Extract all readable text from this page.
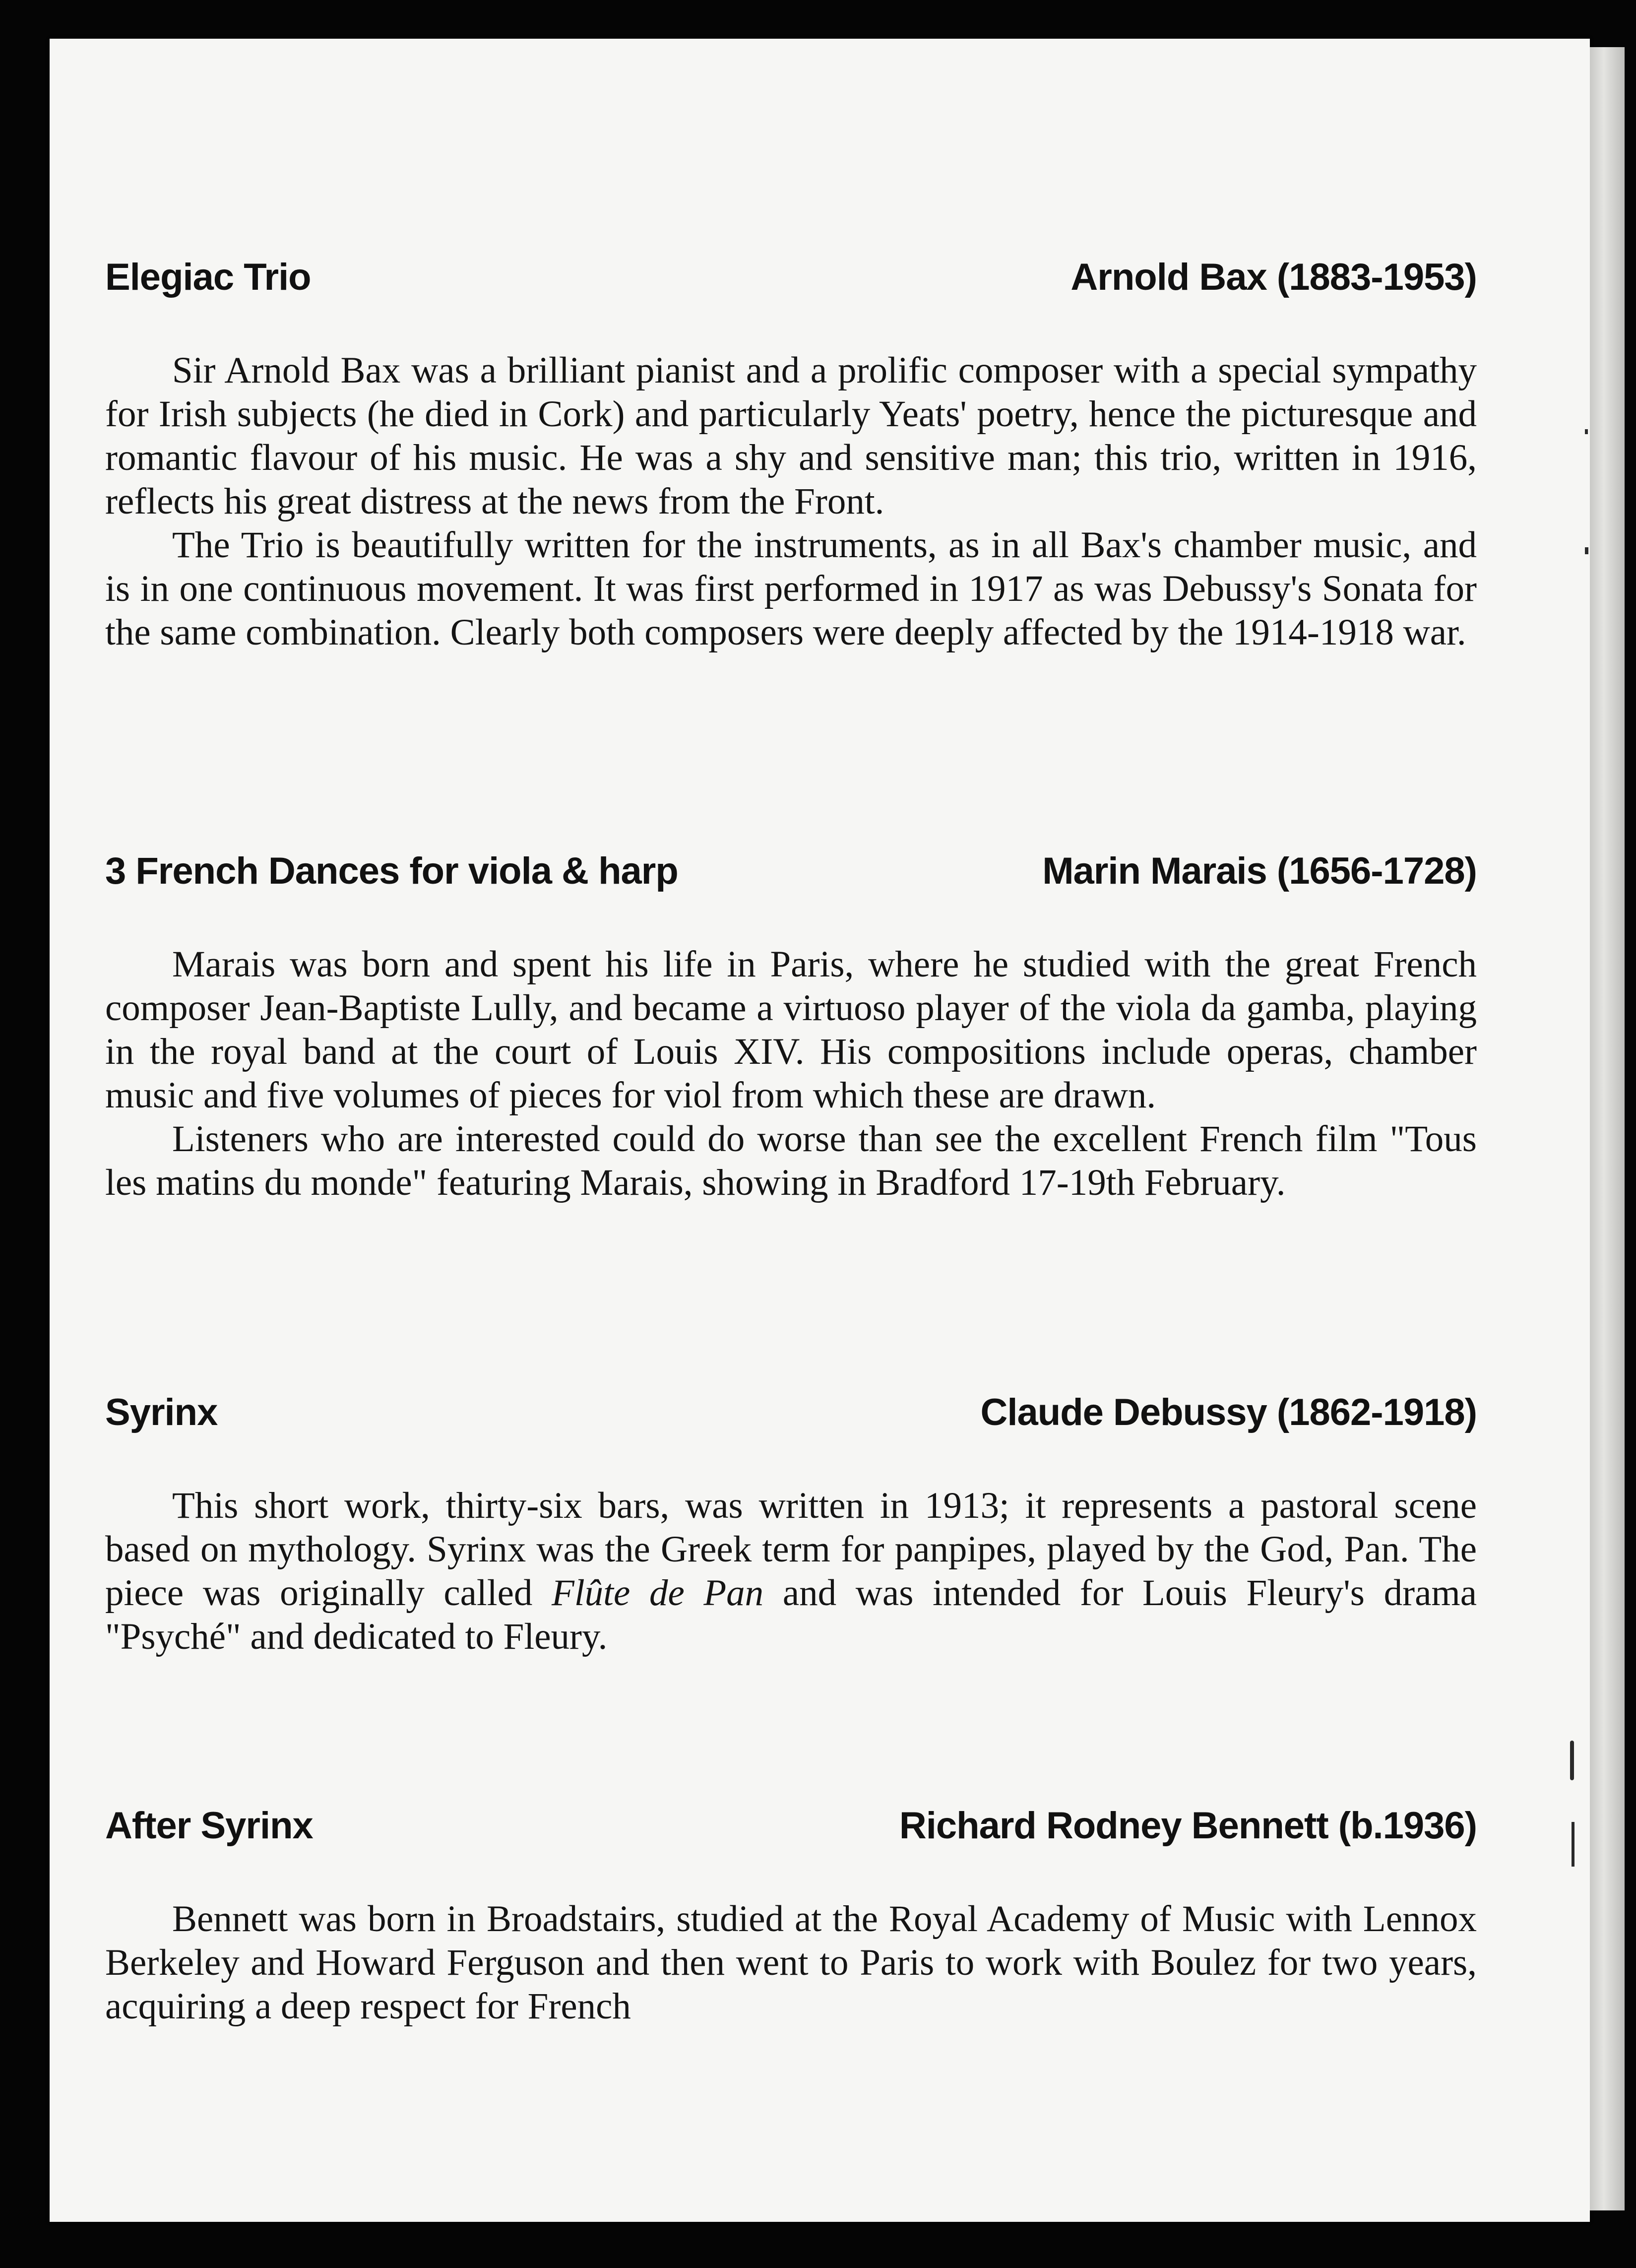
Elegiac Trio	Arnold Bax (1883-1953)

Sir Arnold Bax was a brilliant pianist and a prolific composer with a special sympathy for Irish subjects (he died in Cork) and particularly Yeats' poetry, hence the picturesque and romantic flavour of his music. He was a shy and sensitive man; this trio, written in 1916, reflects his great distress at the news from the Front.

The Trio is beautifully written for the instruments, as in all Bax's chamber music, and is in one continuous movement. It was first performed in 1917 as was Debussy's Sonata for the same combination. Clearly both composers were deeply affected by the 1914-1918 war.

3 French Dances for viola & harp	Marin Marais (1656-1728)

Marais was born and spent his life in Paris, where he studied with the great French composer Jean-Baptiste Lully, and became a virtuoso player of the viola da gamba, playing in the royal band at the court of Louis XIV. His compositions include operas, chamber music and five volumes of pieces for viol from which these are drawn.

Listeners who are interested could do worse than see the excellent French film "Tous les matins du monde" featuring Marais, showing in Bradford 17-19th February.

Syrinx	Claude Debussy (1862-1918)

This short work, thirty-six bars, was written in 1913; it represents a pastoral scene based on mythology. Syrinx was the Greek term for panpipes, played by the God, Pan. The piece was originally called Flûte de Pan and was intended for Louis Fleury's drama "Psyché" and dedicated to Fleury.

After Syrinx	Richard Rodney Bennett (b.1936)

Bennett was born in Broadstairs, studied at the Royal Academy of Music with Lennox Berkeley and Howard Ferguson and then went to Paris to work with Boulez for two years, acquiring a deep respect for French
